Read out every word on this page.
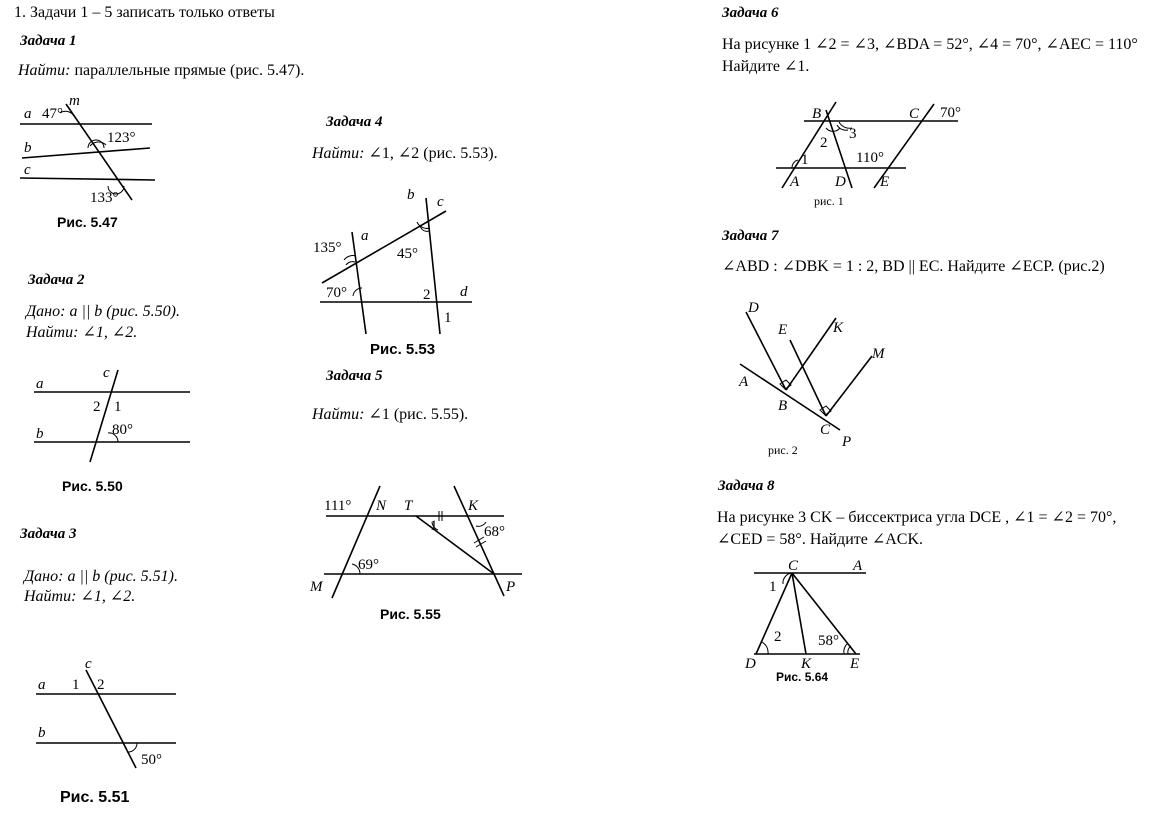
1. Задачи 1 – 5 записать только ответы
Задача 1
Найти: параллельные прямые (рис. 5.47).
a
b
c
m
47°
123°
133°
Рис. 5.47
Задача 2
Дано: a || b (рис. 5.50).
Найти: ∠1, ∠2.
a
b
c
2 1
80°
Рис. 5.50
Задача 3
Дано: a || b (рис. 5.51).
Найти: ∠1, ∠2.
a
b
c
1 2
50°
Рис. 5.51
Задача 4
Найти: ∠1, ∠2 (рис. 5.53).
a
b c
d
135°	45°
70°	2
1
Рис. 5.53
Задача 5
Найти: ∠1 (рис. 5.55).
N T	K
M	P
111°
69°
68°
1
Рис. 5.55
Задача 6
На рисунке 1 ∠2 = ∠3, ∠BDA = 52°, ∠4 = 70°, ∠AEC = 110°
Найдите ∠1.
B	C 70°
A D E
1
2
3
110°
рис. 1
Задача 7
∠ABD : ∠DBK = 1 : 2, BD || EC. Найдите ∠ECP. (рис.2)
D
E	K
M
A
B
C
P
рис. 2
Задача 8
На рисунке 3 CK – биссектриса угла DCE , ∠1 = ∠2 = 70°,
∠CED = 58°. Найдите ∠ACK.
C	A
D	K	E
1
2 58°
Рис. 5.64
